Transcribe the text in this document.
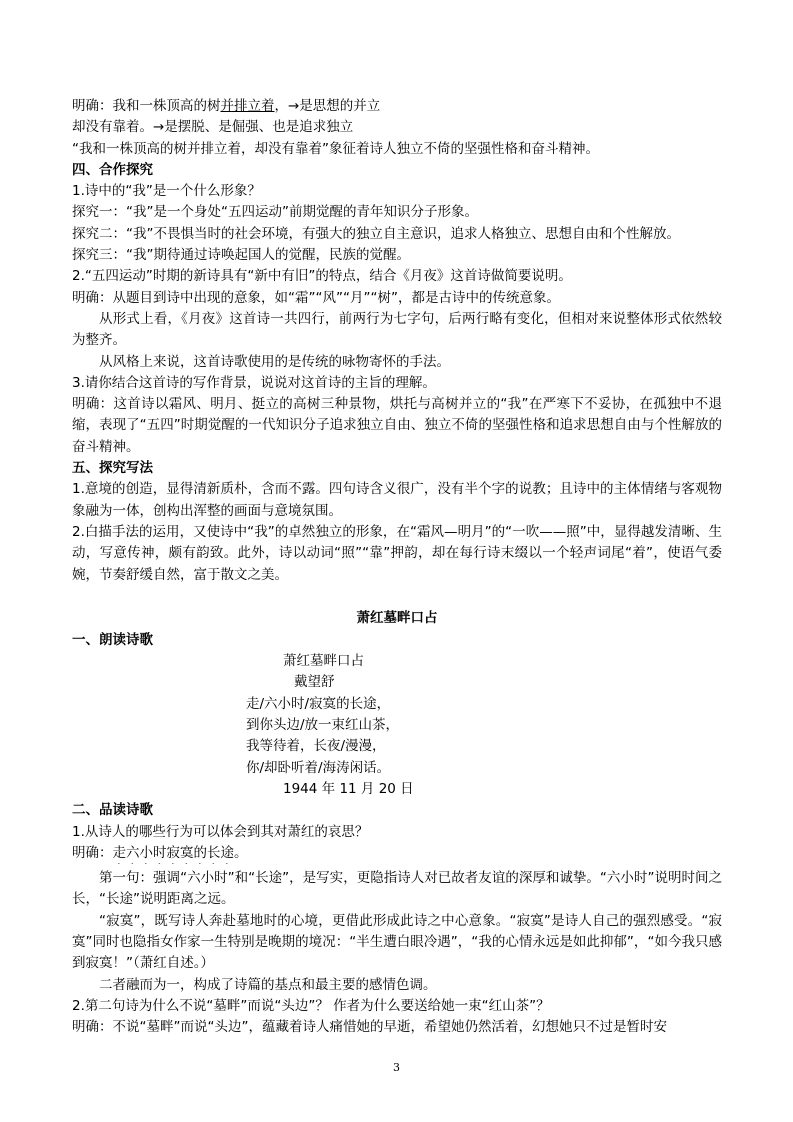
明确：我和一株顶高的树并排立着，→是思想的并立
却没有靠着。→是摆脱、是倔强、也是追求独立
“我和一株顶高的树并排立着，却没有靠着”象征着诗人独立不倚的坚强性格和奋斗精神。
四、合作探究
1.诗中的“我”是一个什么形象？
探究一：“我”是一个身处“五四运动”前期觉醒的青年知识分子形象。
探究二：“我”不畏惧当时的社会环境，有强大的独立自主意识，追求人格独立、思想自由和个性解放。
探究三：“我”期待通过诗唤起国人的觉醒，民族的觉醒。
2.“五四运动”时期的新诗具有“新中有旧”的特点，结合《月夜》这首诗做简要说明。
明确：从题目到诗中出现的意象，如“霜”“风”“月”“树”，都是古诗中的传统意象。
从形式上看，《月夜》这首诗一共四行，前两行为七字句，后两行略有变化，但相对来说整体形式依然较为整齐。
从风格上来说，这首诗歌使用的是传统的咏物寄怀的手法。
3.请你结合这首诗的写作背景，说说对这首诗的主旨的理解。
明确：这首诗以霜风、明月、挺立的高树三种景物，烘托与高树并立的“我”在严寒下不妥协，在孤独中不退缩，表现了“五四”时期觉醒的一代知识分子追求独立自由、独立不倚的坚强性格和追求思想自由与个性解放的奋斗精神。
五、探究写法
1.意境的创造，显得清新质朴，含而不露。四句诗含义很广，没有半个字的说教；且诗中的主体情绪与客观物象融为一体，创构出浑整的画面与意境氛围。
2.白描手法的运用，又使诗中“我”的卓然独立的形象，在“霜风—明月”的“一吹——照”中，显得越发清晰、生动，写意传神，颇有韵致。此外，诗以动词“照”“靠”押韵，却在每行诗末缀以一个轻声词尾“着”，使语气委婉，节奏舒缓自然，富于散文之美。
萧红墓畔口占
一、朗读诗歌
萧红墓畔口占
戴望舒
走/六小时/寂寞的长途，
到你头边/放一束红山茶，
我等待着，长夜/漫漫，
你/却卧听着/海涛闲话。
1944 年 11 月 20 日
二、品读诗歌
1.从诗人的哪些行为可以体会到其对萧红的哀思？
明确：走六小时寂寞的长途。
第一句：强调“六小时”和“长途”，是写实，更隐指诗人对已故者友谊的深厚和诚挚。“六小时”说明时间之长，“长途”说明距离之远。
“寂寞”，既写诗人奔赴墓地时的心境，更借此形成此诗之中心意象。“寂寞”是诗人自己的强烈感受。“寂寞”同时也隐指女作家一生特别是晚期的境况：“半生遭白眼冷遇”，“我的心情永远是如此抑郁”，“如今我只感到寂寞！”（萧红自述。）
二者融而为一，构成了诗篇的基点和最主要的感情色调。
2.第二句诗为什么不说“墓畔”而说“头边”？ 作者为什么要送给她一束“红山茶”？
明确：不说“墓畔”而说“头边”，蕴藏着诗人痛惜她的早逝，希望她仍然活着，幻想她只不过是暂时安
3
